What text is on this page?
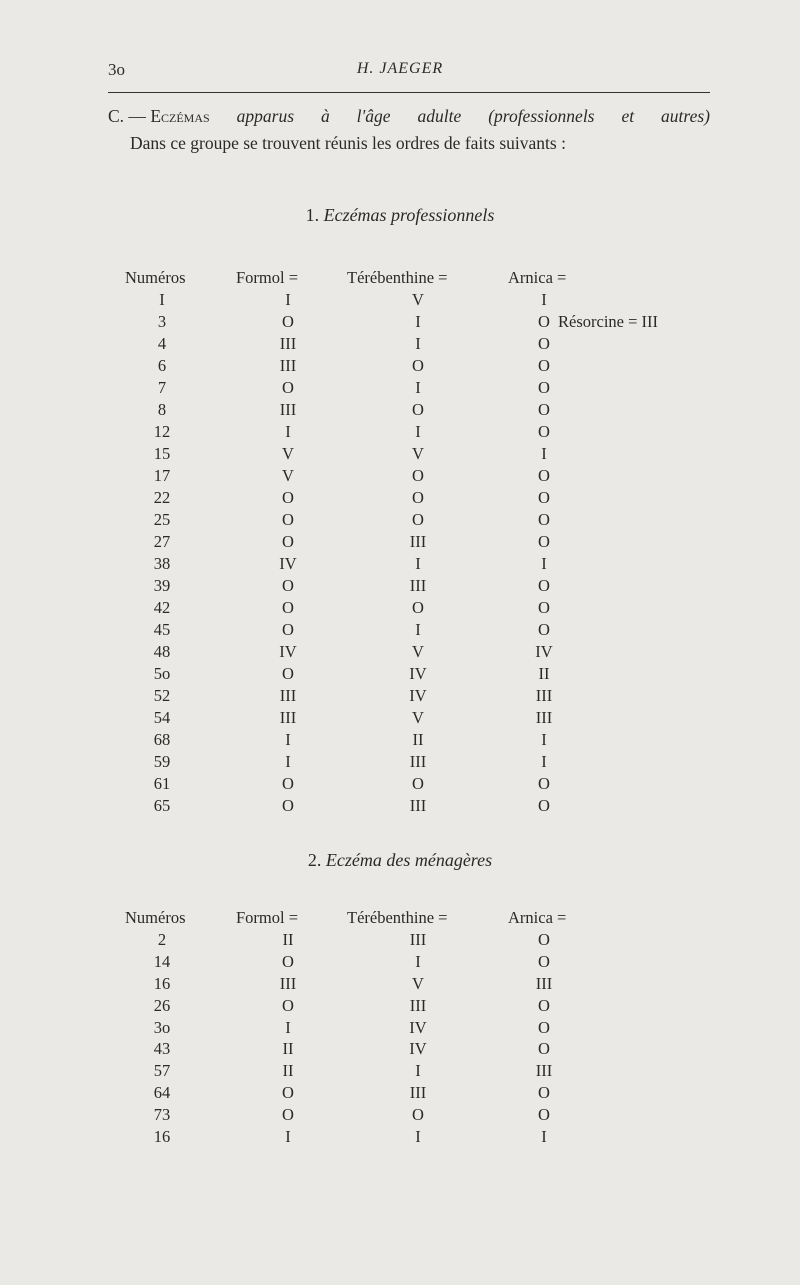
3o	H. JAEGER
C. — Eczémas apparus à l'âge adulte (professionnels et autres)
Dans ce groupe se trouvent réunis les ordres de faits suivants :
1. Eczémas professionnels
Numéros	Formol =	Térébenthine =	Arnica =
I	I	V	I
3	O	I	O Résorcine = III
4	III	I	O
6	III	O	O
7	O	I	O
8	III	O	O
12	I	I	O
15	V	V	I
17	V	O	O
22	O	O	O
25	O	O	O
27	O	III	O
38	IV	I	I
39	O	III	O
42	O	O	O
45	O	I	O
48	IV	V	IV
5o	O	IV	II
52	III	IV	III
54	III	V	III
68	I	II	I
59	I	III	I
61	O	O	O
65	O	III	O
2. Eczéma des ménagères
Numéros	Formol =	Térébenthine =	Arnica =
2	II	III	O
14	O	I	O
16	III	V	III
26	O	III	O
3o	I	IV	O
43	II	IV	O
57	II	I	III
64	O	III	O
73	O	O	O
16	I	I	I
